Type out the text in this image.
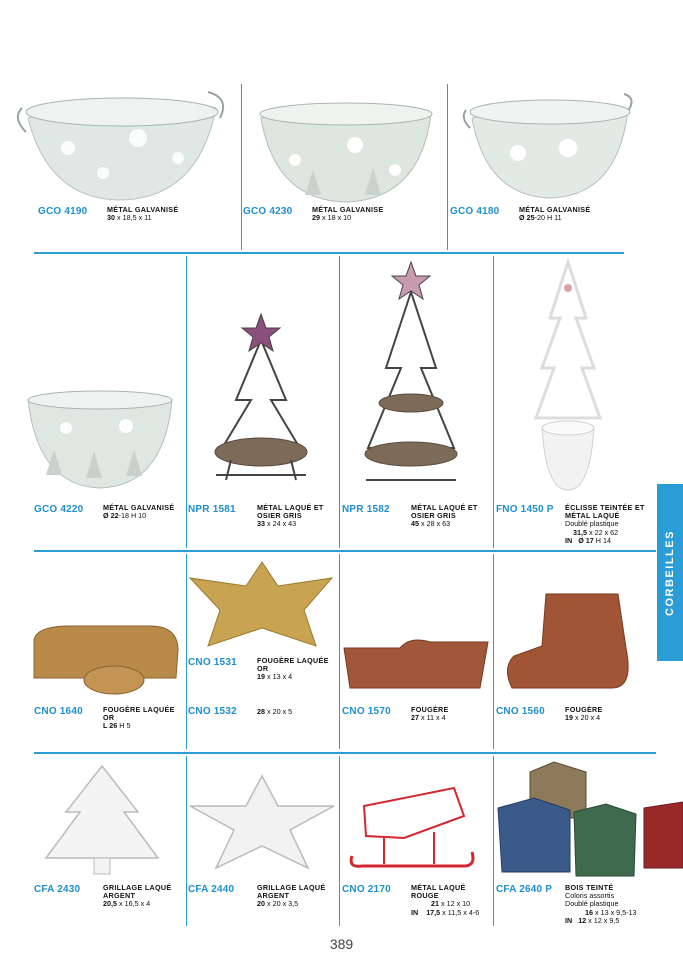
GCO 4190	MÉTAL GALVANISÉ
30 x 18,5 x 11
GCO 4230	MÉTAL GALVANISE
29 x 18 x 10
GCO 4180	MÉTAL GALVANISÉ
Ø 25-20 H 11
GCO 4220	MÉTAL GALVANISÉ
Ø 22-18 H 10
NPR 1581	MÉTAL LAQUÉ ET
OSIER GRIS
33 x 24 x 43
NPR 1582	MÉTAL LAQUÉ ET
OSIER GRIS
45 x 28 x 63
FNO 1450 P ÉCLISSE TEINTÉE ET
MÉTAL LAQUÉ
Doublé plastique
31,5 x 22 x 62
IN Ø 17 H 14
CNO 1640	FOUGÈRE LAQUÉE
OR
L 26 H 5
CNO 1531	FOUGÈRE LAQUÉE
OR
19 x 13 x 4
CNO 1532	28 x 20 x 5	CNO 1570	FOUGÈRE
27 x 11 x 4
CNO 1560	FOUGÈRE
19 x 20 x 4
CFA 2430	GRILLAGE LAQUÉ
ARGENT
20,5 x 16,5 x 4
CFA 2440	GRILLAGE LAQUÉ
ARGENT
20 x 20 x 3,5
CNO 2170	MÉTAL LAQUÉ
ROUGE
21 x 12 x 10
IN 17,5 x 11,5 x 4-6
CFA 2640 P BOIS TEINTÉ
Coloris assortis
Doublé plastique
16 x 13 x 9,5-13
IN 12 x 12 x 9,5
CORBEILLES
389
